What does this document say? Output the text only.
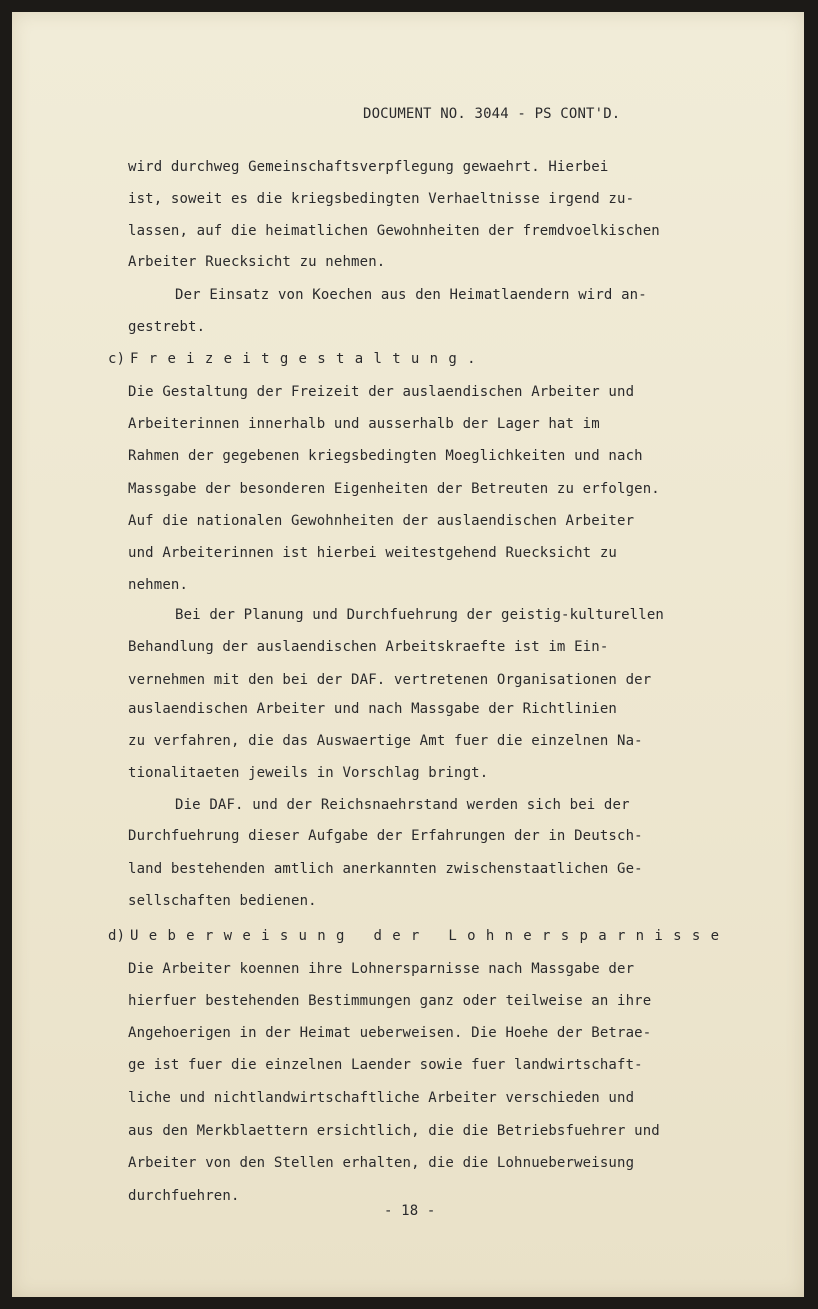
DOCUMENT NO. 3044 - PS CONT'D.
wird durchweg Gemeinschaftsverpflegung gewaehrt. Hierbei
ist, soweit es die kriegsbedingten Verhaeltnisse irgend zu-
lassen, auf die heimatlichen Gewohnheiten der fremdvoelkischen
Arbeiter Ruecksicht zu nehmen.
Der Einsatz von Koechen aus den Heimatlaendern wird an-
gestrebt.
c) Freizeitgestaltung.
Die Gestaltung der Freizeit der auslaendischen Arbeiter und
Arbeiterinnen innerhalb und ausserhalb der Lager hat im
Rahmen der gegebenen kriegsbedingten Moeglichkeiten und nach
Massgabe der besonderen Eigenheiten der Betreuten zu erfolgen.
Auf die nationalen Gewohnheiten der auslaendischen Arbeiter
und Arbeiterinnen ist hierbei weitestgehend Ruecksicht zu
nehmen.
Bei der Planung und Durchfuehrung der geistig-kulturellen
Behandlung der auslaendischen Arbeitskraefte ist im Ein-
vernehmen mit den bei der DAF. vertretenen Organisationen der
auslaendischen Arbeiter und nach Massgabe der Richtlinien
zu verfahren, die das Auswaertige Amt fuer die einzelnen Na-
tionalitaeten jeweils in Vorschlag bringt.
Die DAF. und der Reichsnaehrstand werden sich bei der
Durchfuehrung dieser Aufgabe der Erfahrungen der in Deutsch-
land bestehenden amtlich anerkannten zwischenstaatlichen Ge-
sellschaften bedienen.
d) Ueberweisung der Lohnersparnisse
Die Arbeiter koennen ihre Lohnersparnisse nach Massgabe der
hierfuer bestehenden Bestimmungen ganz oder teilweise an ihre
Angehoerigen in der Heimat ueberweisen. Die Hoehe der Betrae-
ge ist fuer die einzelnen Laender sowie fuer landwirtschaft-
liche und nichtlandwirtschaftliche Arbeiter verschieden und
aus den Merkblaettern ersichtlich, die die Betriebsfuehrer und
Arbeiter von den Stellen erhalten, die die Lohnueberweisung
durchfuehren.
- 18 -
